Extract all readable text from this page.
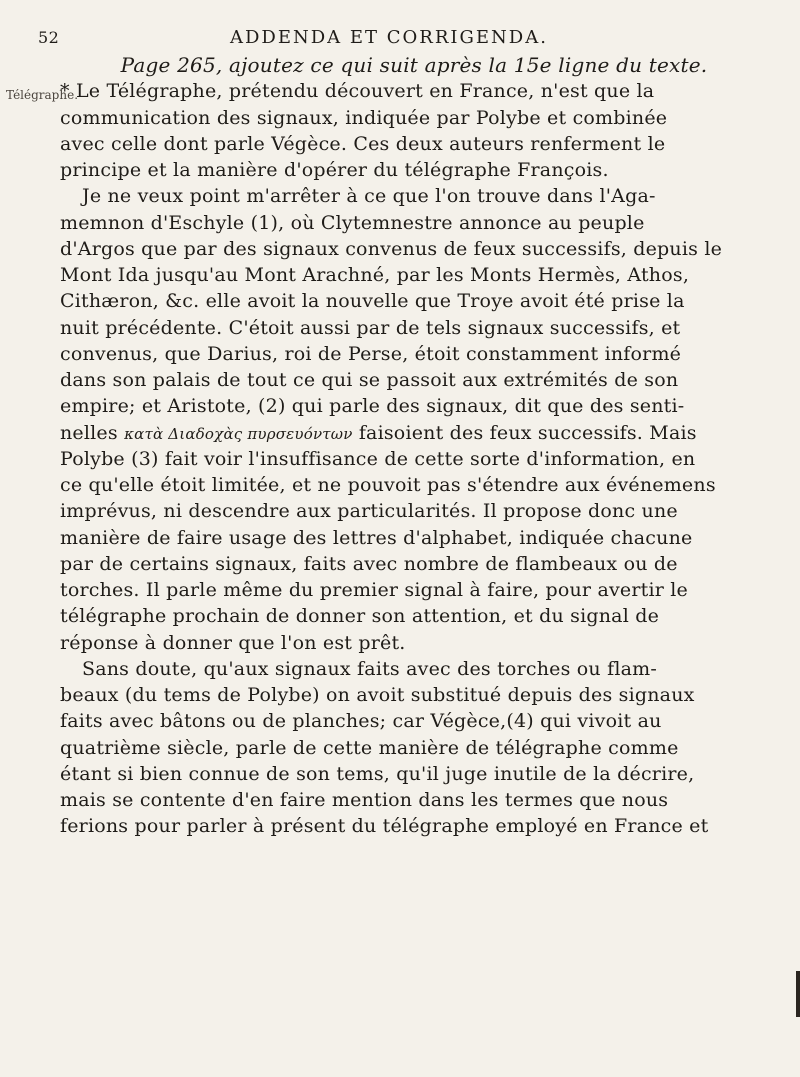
52	ADDENDA ET CORRIGENDA.
Télégraphe.
Page 265, ajoutez ce qui suit après la 15e ligne du texte.
* Le Télégraphe, prétendu découvert en France, n'est que la
communication des signaux, indiquée par Polybe et combinée
avec celle dont parle Végèce. Ces deux auteurs renferment le
principe et la manière d'opérer du télégraphe François.
Je ne veux point m'arrêter à ce que l'on trouve dans l'Aga-
memnon d'Eschyle (1), où Clytemnestre annonce au peuple
d'Argos que par des signaux convenus de feux successifs, depuis le
Mont Ida jusqu'au Mont Arachné, par les Monts Hermès, Athos,
Cithæron, &c. elle avoit la nouvelle que Troye avoit été prise la
nuit précédente. C'étoit aussi par de tels signaux successifs, et
convenus, que Darius, roi de Perse, étoit constamment informé
dans son palais de tout ce qui se passoit aux extrémités de son
empire; et Aristote, (2) qui parle des signaux, dit que des senti-
nelles κατὰ Διαδοχὰς πυρσευόντων faisoient des feux successifs. Mais
Polybe (3) fait voir l'insuffisance de cette sorte d'information, en
ce qu'elle étoit limitée, et ne pouvoit pas s'étendre aux événemens
imprévus, ni descendre aux particularités. Il propose donc une
manière de faire usage des lettres d'alphabet, indiquée chacune
par de certains signaux, faits avec nombre de flambeaux ou de
torches. Il parle même du premier signal à faire, pour avertir le
télégraphe prochain de donner son attention, et du signal de
réponse à donner que l'on est prêt.
Sans doute, qu'aux signaux faits avec des torches ou flam-
beaux (du tems de Polybe) on avoit substitué depuis des signaux
faits avec bâtons ou de planches; car Végèce,(4) qui vivoit au
quatrième siècle, parle de cette manière de télégraphe comme
étant si bien connue de son tems, qu'il juge inutile de la décrire,
mais se contente d'en faire mention dans les termes que nous
ferions pour parler à présent du télégraphe employé en France et
